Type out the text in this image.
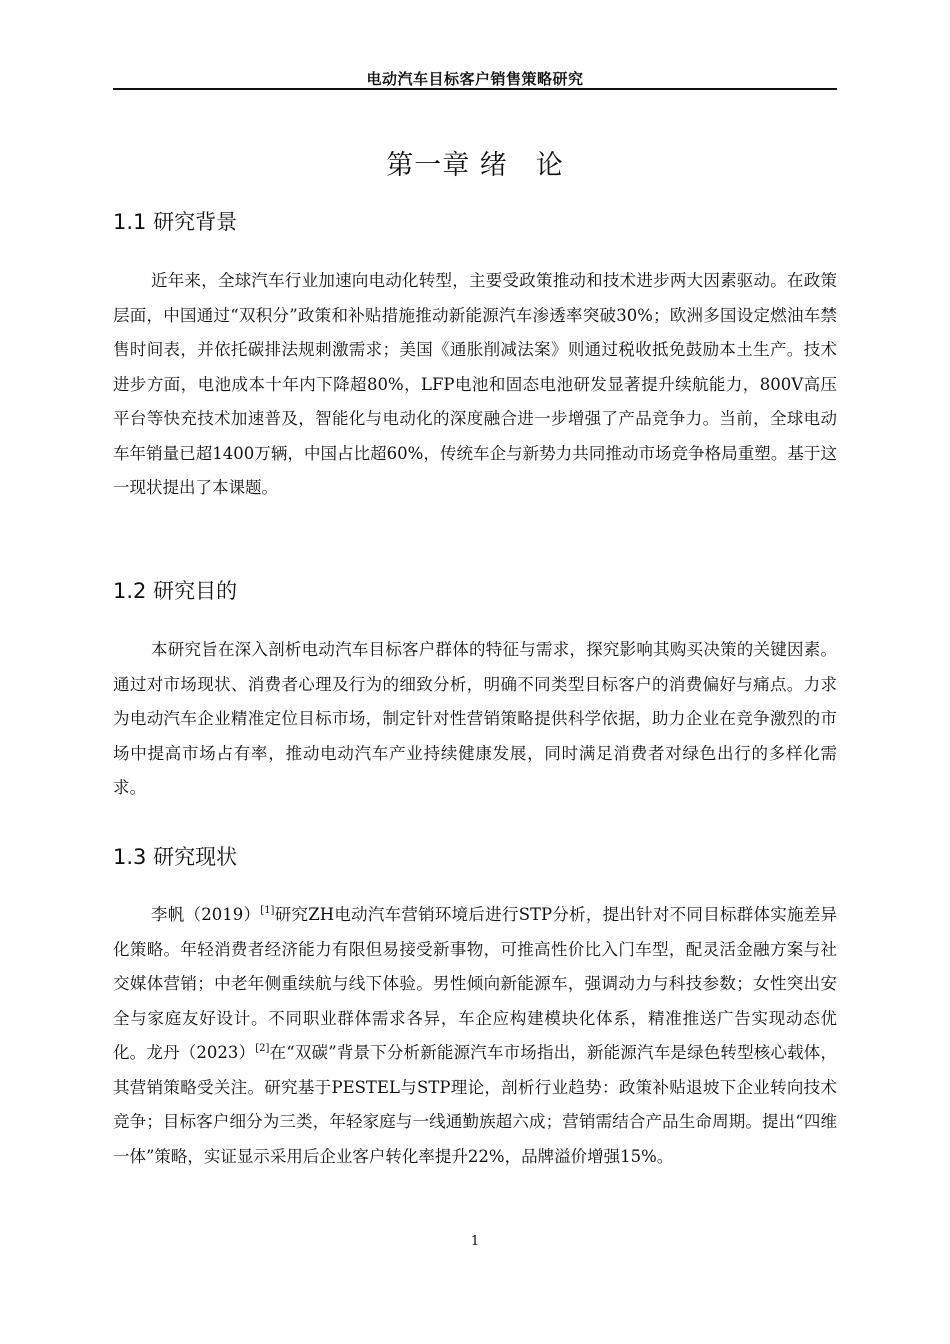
电动汽车目标客户销售策略研究
第一章 绪　论
1.1 研究背景

近年来，全球汽车行业加速向电动化转型，主要受政策推动和技术进步两大因素驱动。在政策层面，中国通过“双积分”政策和补贴措施推动新能源汽车渗透率突破30%；欧洲多国设定燃油车禁售时间表，并依托碳排法规刺激需求；美国《通胀削减法案》则通过税收抵免鼓励本土生产。技术进步方面，电池成本十年内下降超80%，LFP电池和固态电池研发显著提升续航能力，800V高压平台等快充技术加速普及，智能化与电动化的深度融合进一步增强了产品竞争力。当前，全球电动车年销量已超1400万辆，中国占比超60%，传统车企与新势力共同推动市场竞争格局重塑。基于这一现状提出了本课题。

1.2 研究目的

本研究旨在深入剖析电动汽车目标客户群体的特征与需求，探究影响其购买决策的关键因素。通过对市场现状、消费者心理及行为的细致分析，明确不同类型目标客户的消费偏好与痛点。力求为电动汽车企业精准定位目标市场，制定针对性营销策略提供科学依据，助力企业在竞争激烈的市场中提高市场占有率，推动电动汽车产业持续健康发展，同时满足消费者对绿色出行的多样化需求。

1.3 研究现状

李帆（2019）[1]研究ZH电动汽车营销环境后进行STP分析，提出针对不同目标群体实施差异化策略。年轻消费者经济能力有限但易接受新事物，可推高性价比入门车型，配灵活金融方案与社交媒体营销；中老年侧重续航与线下体验。男性倾向新能源车，强调动力与科技参数；女性突出安全与家庭友好设计。不同职业群体需求各异，车企应构建模块化体系，精准推送广告实现动态优化。龙丹（2023）[2]在“双碳”背景下分析新能源汽车市场指出，新能源汽车是绿色转型核心载体，其营销策略受关注。研究基于PESTEL与STP理论，剖析行业趋势：政策补贴退坡下企业转向技术竞争；目标客户细分为三类，年轻家庭与一线通勤族超六成；营销需结合产品生命周期。提出“四维一体”策略，实证显示采用后企业客户转化率提升22%，品牌溢价增强15%。

1
